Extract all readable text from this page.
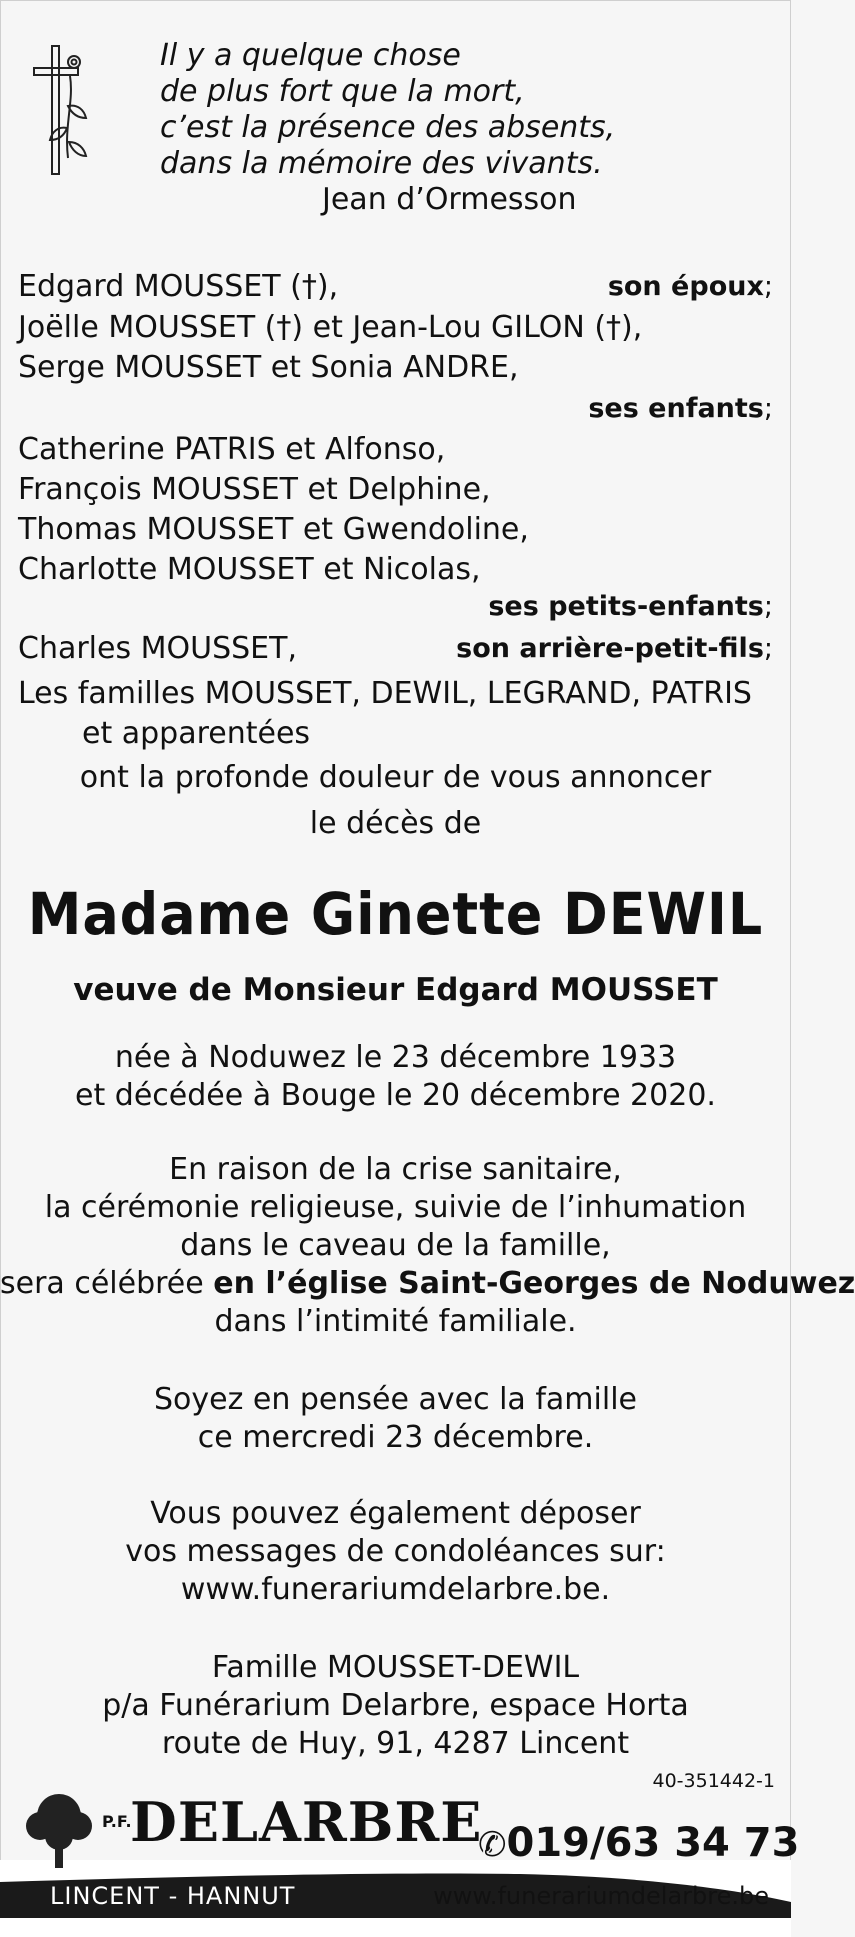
Il y a quelque chose
de plus fort que la mort,
c’est la présence des absents,
dans la mémoire des vivants.
Jean d’Ormesson
Edgard MOUSSET (†),	son époux;
Joëlle MOUSSET (†) et Jean-Lou GILON (†),
Serge MOUSSET et Sonia ANDRE,
ses enfants;
Catherine PATRIS et Alfonso,
François MOUSSET et Delphine,
Thomas MOUSSET et Gwendoline,
Charlotte MOUSSET et Nicolas,
ses petits-enfants;
Charles MOUSSET,	son arrière-petit-fils;
Les familles MOUSSET, DEWIL, LEGRAND, PATRIS
et apparentées
ont la profonde douleur de vous annoncer
le décès de
Madame Ginette DEWIL
veuve de Monsieur Edgard MOUSSET
née à Noduwez le 23 décembre 1933
et décédée à Bouge le 20 décembre 2020.
En raison de la crise sanitaire,
la cérémonie religieuse, suivie de l’inhumation
dans le caveau de la famille,
sera célébrée en l’église Saint-Georges de Noduwez
dans l’intimité familiale.
Soyez en pensée avec la famille
ce mercredi 23 décembre.
Vous pouvez également déposer
vos messages de condoléances sur:
www.funerariumdelarbre.be.
Famille MOUSSET-DEWIL
p/a Funérarium Delarbre, espace Horta
route de Huy, 91, 4287 Lincent
40-351442-1
P.F.
DELARBRE
✆019/63 34 73
LINCENT - HANNUT	www.funerariumdelarbre.be
